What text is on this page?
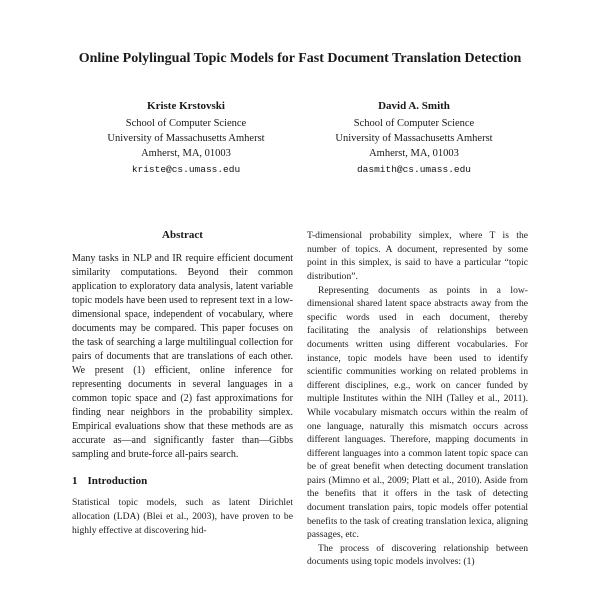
Online Polylingual Topic Models for Fast Document Translation Detection
Kriste Krstovski
School of Computer Science
University of Massachusetts Amherst
Amherst, MA, 01003
kriste@cs.umass.edu
David A. Smith
School of Computer Science
University of Massachusetts Amherst
Amherst, MA, 01003
dasmith@cs.umass.edu
Abstract

Many tasks in NLP and IR require efficient document similarity computations. Beyond their common application to exploratory data analysis, latent variable topic models have been used to represent text in a low-dimensional space, independent of vocabulary, where documents may be compared. This paper focuses on the task of searching a large multilingual collection for pairs of documents that are translations of each other. We present (1) efficient, online inference for representing documents in several languages in a common topic space and (2) fast approximations for finding near neighbors in the probability simplex. Empirical evaluations show that these methods are as accurate as—and significantly faster than—Gibbs sampling and brute-force all-pairs search.

1 Introduction

Statistical topic models, such as latent Dirichlet allocation (LDA) (Blei et al., 2003), have proven to be highly effective at discovering hid-

T-dimensional probability simplex, where T is the number of topics. A document, represented by some point in this simplex, is said to have a particular “topic distribution”.

Representing documents as points in a low-dimensional shared latent space abstracts away from the specific words used in each document, thereby facilitating the analysis of relationships between documents written using different vocabularies. For instance, topic models have been used to identify scientific communities working on related problems in different disciplines, e.g., work on cancer funded by multiple Institutes within the NIH (Talley et al., 2011). While vocabulary mismatch occurs within the realm of one language, naturally this mismatch occurs across different languages. Therefore, mapping documents in different languages into a common latent topic space can be of great benefit when detecting document translation pairs (Mimno et al., 2009; Platt et al., 2010). Aside from the benefits that it offers in the task of detecting document translation pairs, topic models offer potential benefits to the task of creating translation lexica, aligning passages, etc.

The process of discovering relationship between documents using topic models involves: (1)
